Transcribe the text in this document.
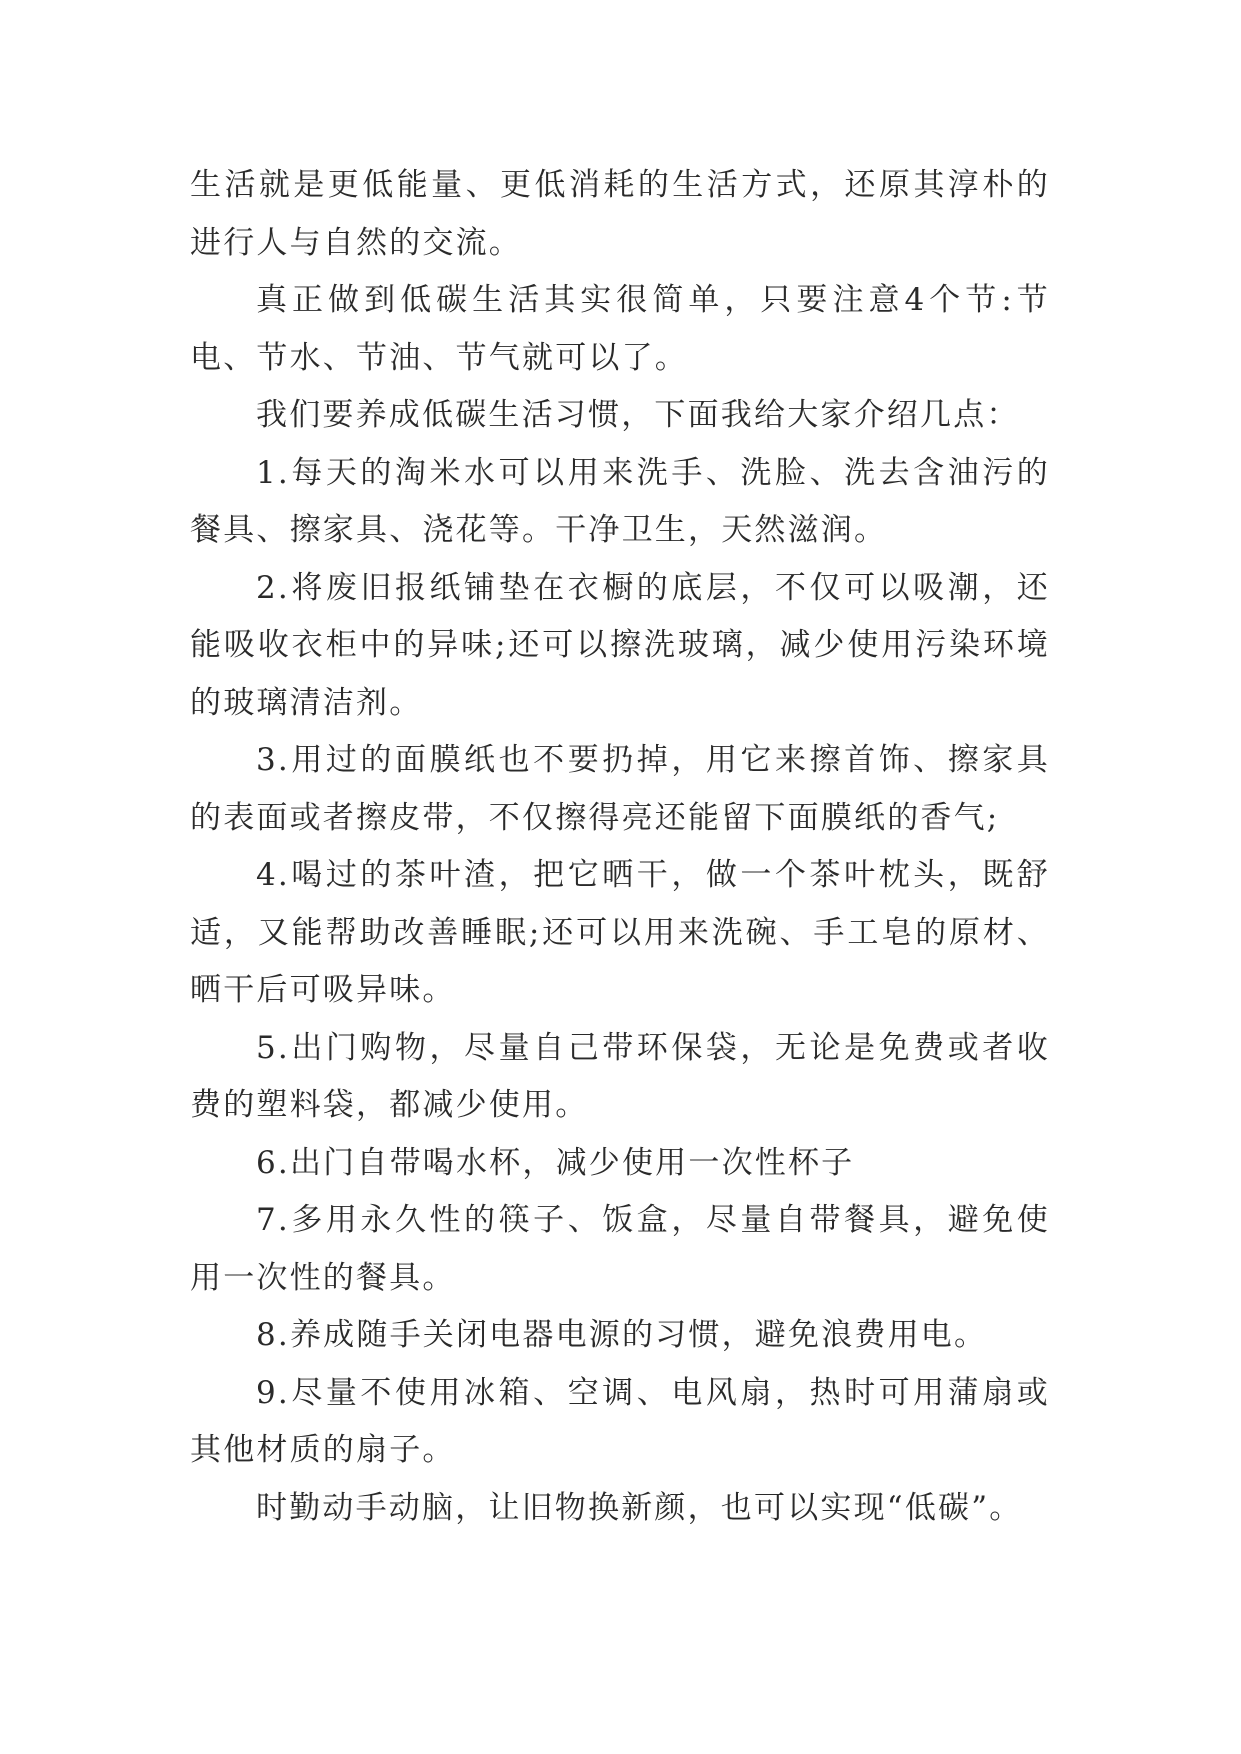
生活就是更低能量、更低消耗的生活方式，还原其淳朴的进行人与自然的交流。

真正做到低碳生活其实很简单，只要注意4个节:节电、节水、节油、节气就可以了。

我们要养成低碳生活习惯，下面我给大家介绍几点：

1.每天的淘米水可以用来洗手、洗脸、洗去含油污的餐具、擦家具、浇花等。干净卫生，天然滋润。

2.将废旧报纸铺垫在衣橱的底层，不仅可以吸潮，还能吸收衣柜中的异味;还可以擦洗玻璃，减少使用污染环境的玻璃清洁剂。

3.用过的面膜纸也不要扔掉，用它来擦首饰、擦家具的表面或者擦皮带，不仅擦得亮还能留下面膜纸的香气;

4.喝过的茶叶渣，把它晒干，做一个茶叶枕头，既舒适，又能帮助改善睡眠;还可以用来洗碗、手工皂的原材、晒干后可吸异味。

5.出门购物，尽量自己带环保袋，无论是免费或者收费的塑料袋，都减少使用。

6.出门自带喝水杯，减少使用一次性杯子

7.多用永久性的筷子、饭盒，尽量自带餐具，避免使用一次性的餐具。

8.养成随手关闭电器电源的习惯，避免浪费用电。

9.尽量不使用冰箱、空调、电风扇，热时可用蒲扇或其他材质的扇子。

时勤动手动脑，让旧物换新颜，也可以实现“低碳”。
